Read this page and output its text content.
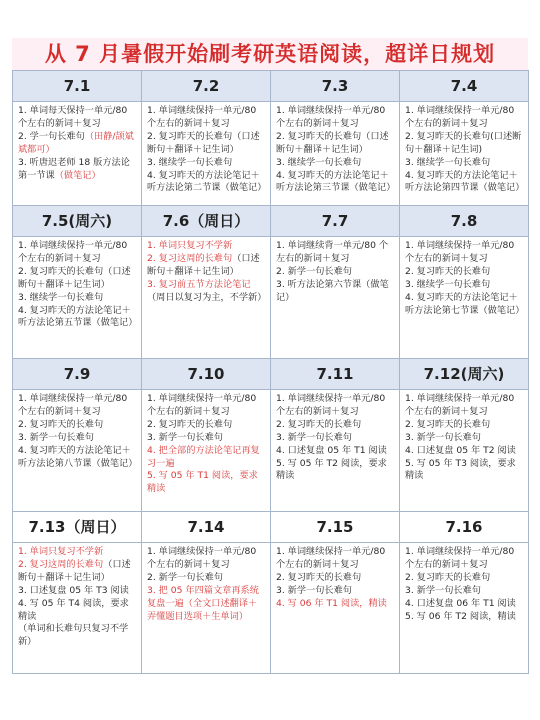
从 7 月暑假开始刷考研英语阅读，超详日规划
7.1	7.2	7.3	7.4

1. 单词每天保持一单元/80 个左右的新词＋复习

2. 学一句长难句（田静/颉斌斌都可）

3. 听唐迟老师 18 版方法论第一节课（做笔记）

1. 单词继续保持一单元/80 个左右的新词＋复习

2. 复习昨天的长难句（口述断句＋翻译＋记生词）

3. 继续学一句长难句

4. 复习昨天的方法论笔记＋听方法论第二节课（做笔记）

1. 单词继续保持一单元/80 个左右的新词＋复习

2. 复习昨天的长难句（口述断句＋翻译＋记生词）

3. 继续学一句长难句

4. 复习昨天的方法论笔记＋听方法论第三节课（做笔记）

1. 单词继续保持一单元/80 个左右的新词＋复习

2. 复习昨天的长难句(口述断句＋翻译＋记生词)

3. 继续学一句长难句

4. 复习昨天的方法论笔记＋听方法论第四节课（做笔记）

7.5(周六)	7.6（周日）	7.7	7.8

1. 单词继续保持一单元/80 个左右的新词＋复习

2. 复习昨天的长难句（口述断句＋翻译＋记生词）

3. 继续学一句长难句

4. 复习昨天的方法论笔记＋听方法论第五节课（做笔记）

1. 单词只复习不学新

2. 复习这周的长难句（口述断句＋翻译＋记生词）

3. 复习前五节方法论笔记

（周日以复习为主，不学新）

1. 单词继续背一单元/80 个左右的新词＋复习

2. 新学一句长难句

3. 听方法论第六节课（做笔记）

1. 单词继续保持一单元/80 个左右的新词＋复习

2. 复习昨天的长难句

3. 继续学一句长难句

4. 复习昨天的方法论笔记＋听方法论第七节课（做笔记）

7.9	7.10	7.11	7.12(周六)

1. 单词继续保持一单元/80 个左右的新词＋复习

2. 复习昨天的长难句

3. 新学一句长难句

4. 复习昨天的方法论笔记＋听方法论第八节课（做笔记）

1. 单词继续保持一单元/80 个左右的新词＋复习

2. 复习昨天的长难句

3. 新学一句长难句

4. 把全部的方法论笔记再复习一遍

5. 写 05 年 T1 阅读，要求精读

1. 单词继续保持一单元/80 个左右的新词＋复习

2. 复习昨天的长难句

3. 新学一句长难句

4. 口述复盘 05 年 T1 阅读

5. 写 05 年 T2 阅读，要求精读

1. 单词继续保持一单元/80 个左右的新词＋复习

2. 复习昨天的长难句

3. 新学一句长难句

4. 口述复盘 05 年 T2 阅读

5. 写 05 年 T3 阅读，要求精读

7.13（周日）	7.14	7.15	7.16

1. 单词只复习不学新

2. 复习这周的长难句（口述断句＋翻译＋记生词）

3. 口述复盘 05 年 T3 阅读

4. 写 05 年 T4 阅读，要求精读

（单词和长难句只复习不学新）

1. 单词继续保持一单元/80 个左右的新词＋复习

2. 新学一句长难句

3. 把 05 年四篇文章再系统复盘一遍（全文口述翻译＋弄懂题目选项＋生单词）

1. 单词继续保持一单元/80 个左右的新词＋复习

2. 复习昨天的长难句

3. 新学一句长难句

4. 写 06 年 T1 阅读，精读

1. 单词继续保持一单元/80 个左右的新词＋复习

2. 复习昨天的长难句

3. 新学一句长难句

4. 口述复盘 06 年 T1 阅读

5. 写 06 年 T2 阅读，精读
